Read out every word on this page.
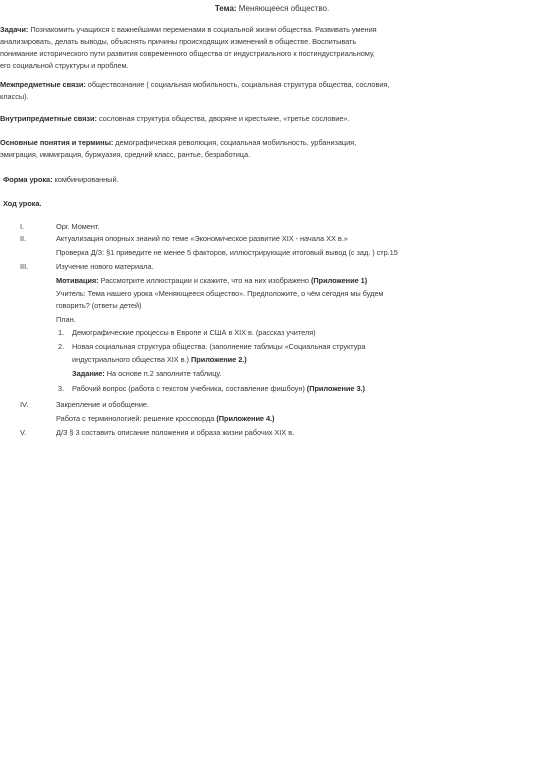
Тема: Меняющееся общество.
Задачи: Познакомить учащихся с важнейшими переменами в социальной жизни общества. Развивать умения
анализировать, делать выводы, объяснять причины происходящих изменений в обществе. Воспитывать
понимание исторического пути развития современного общества от индустриального к постиндустриальному,
его социальной структуры и проблем.
Межпредметные связи: обществознание ( социальная мобильность, социальная структура общества, сословия,
классы).
Внутрипредметные связи: сословная структура общества, дворяне и крестьяне, «третье сословие».
Основные понятия и термины: демографическая революция, социальная мобильность, урбанизация,
эмиграция, иммиграция, буржуазия, средний класс, рантье, безработица.
Форма урока: комбинированный.
Ход урока.
I.	Орг. Момент.
II.	Актуализация опорных знаний по теме «Экономическое развитие XIX - начала XX в.»
Проверка Д/З: §1 приведите не менее 5 факторов, иллюстрирующие итоговый вывод (с зад. ) стр.15
III.	Изучение нового материала.
Мотивация: Рассмотрите иллюстрации и скажите, что на них изображено (Приложение 1)
Учитель: Тема нашего урока «Меняющееся общество». Предположите, о чём сегодня мы будем
говорить? (ответы детей)
План.
1. Демографические процессы в Европе и США в XIX в. (рассказ учителя)
2. Новая социальная структура общества. (заполнение таблицы «Социальная структура
индустриального общества XIX в.) Приложение 2.)
Задание: На основе п.2 заполните таблицу.
3. Рабочий вопрос (работа с текстом учебника, составление фишбоун) (Приложение 3.)
IV.	Закрепление и обобщение.
Работа с терминологией: решение кроссворда (Приложение 4.)
V.	Д/З § 3 составить описание положения и образа жизни рабочих XIX в.
